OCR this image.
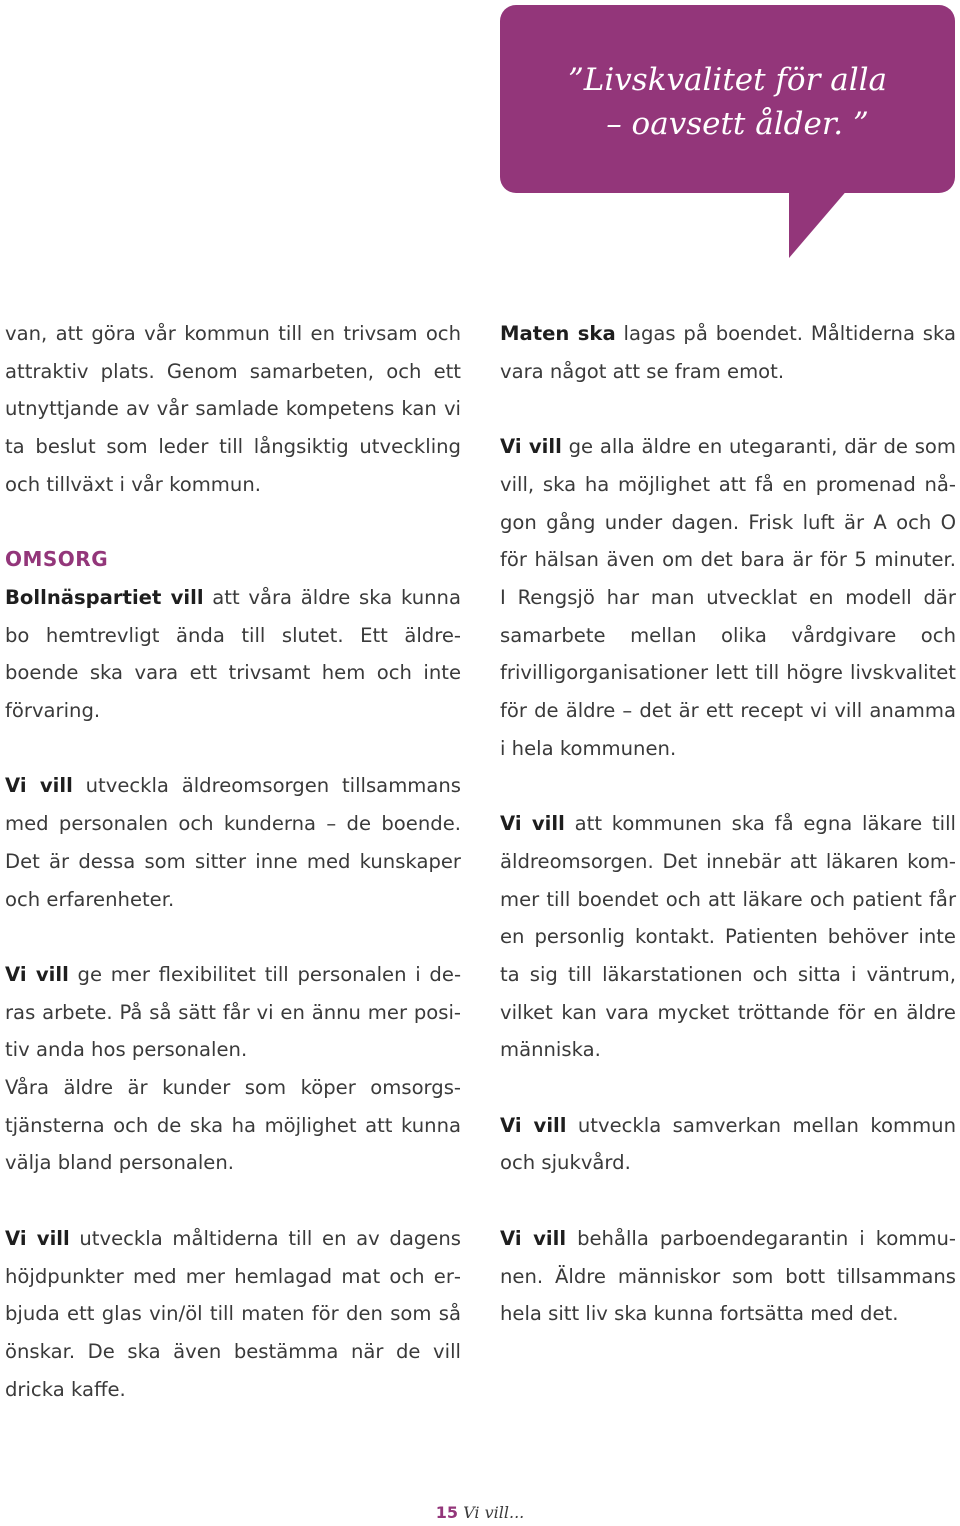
”Livskvalitet för alla
– oavsett ålder. ”

van, att göra vår kommun till en trivsam och attraktiv plats. Genom samarbeten, och ett utnyttjande av vår samlade kompetens kan vi ta beslut som leder till långsiktig utveckling och tillväxt i vår kommun.

OMSORG

Bollnäspartiet vill att våra äldre ska kunna bo hemtrevligt ända till slutet. Ett äldreboende ska vara ett trivsamt hem och inte förvaring.

Vi vill utveckla äldreomsorgen tillsammans med personalen och kunderna – de boende. Det är dessa som sitter inne med kunskaper och erfarenheter.

Vi vill ge mer flexibilitet till personalen i deras arbete. På så sätt får vi en ännu mer positiv anda hos personalen.

Våra äldre är kunder som köper omsorgstjänsterna och de ska ha möjlighet att kunna välja bland personalen.

Vi vill utveckla måltiderna till en av dagens höjdpunkter med mer hemlagad mat och erbjuda ett glas vin/öl till maten för den som så önskar. De ska även bestämma när de vill dricka kaffe.

Maten ska lagas på boendet. Måltiderna ska vara något att se fram emot.

Vi vill ge alla äldre en utegaranti, där de som vill, ska ha möjlighet att få en promenad någon gång under dagen. Frisk luft är A och O för hälsan även om det bara är för 5 minuter. I Rengsjö har man utvecklat en modell där samarbete mellan olika vårdgivare och frivilligorganisationer lett till högre livskvalitet för de äldre – det är ett recept vi vill anamma i hela kommunen.

Vi vill att kommunen ska få egna läkare till äldreomsorgen. Det innebär att läkaren kommer till boendet och att läkare och patient får en personlig kontakt. Patienten behöver inte ta sig till läkarstationen och sitta i väntrum, vilket kan vara mycket tröttande för en äldre människa.

Vi vill utveckla samverkan mellan kommun och sjukvård.

Vi vill behålla parboendegarantin i kommunen. Äldre människor som bott tillsammans hela sitt liv ska kunna fortsätta med det.

15 Vi vill...
